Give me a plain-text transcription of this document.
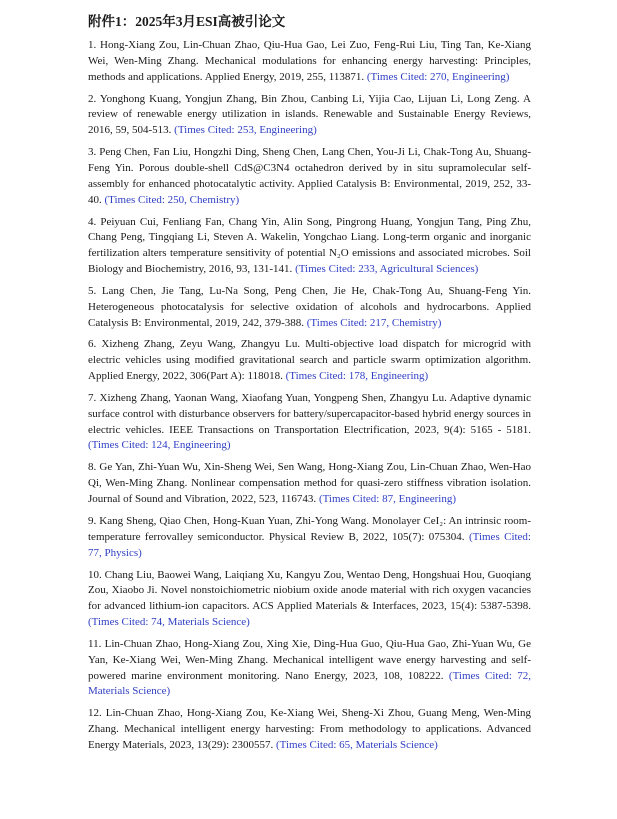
附件1：2025年3月ESI高被引论文

1. Hong-Xiang Zou, Lin-Chuan Zhao, Qiu-Hua Gao, Lei Zuo, Feng-Rui Liu, Ting Tan, Ke-Xiang Wei, Wen-Ming Zhang. Mechanical modulations for enhancing energy harvesting: Principles, methods and applications. Applied Energy, 2019, 255, 113871. (Times Cited: 270, Engineering)

2. Yonghong Kuang, Yongjun Zhang, Bin Zhou, Canbing Li, Yijia Cao, Lijuan Li, Long Zeng. A review of renewable energy utilization in islands. Renewable and Sustainable Energy Reviews, 2016, 59, 504-513. (Times Cited: 253, Engineering)

3. Peng Chen, Fan Liu, Hongzhi Ding, Sheng Chen, Lang Chen, You-Ji Li, Chak-Tong Au, Shuang-Feng Yin. Porous double-shell CdS@C3N4 octahedron derived by in situ supramolecular self-assembly for enhanced photocatalytic activity. Applied Catalysis B: Environmental, 2019, 252, 33-40. (Times Cited: 250, Chemistry)

4. Peiyuan Cui, Fenliang Fan, Chang Yin, Alin Song, Pingrong Huang, Yongjun Tang, Ping Zhu, Chang Peng, Tingqiang Li, Steven A. Wakelin, Yongchao Liang. Long-term organic and inorganic fertilization alters temperature sensitivity of potential N₂O emissions and associated microbes. Soil Biology and Biochemistry, 2016, 93, 131-141. (Times Cited: 233, Agricultural Sciences)

5. Lang Chen, Jie Tang, Lu-Na Song, Peng Chen, Jie He, Chak-Tong Au, Shuang-Feng Yin. Heterogeneous photocatalysis for selective oxidation of alcohols and hydrocarbons. Applied Catalysis B: Environmental, 2019, 242, 379-388. (Times Cited: 217, Chemistry)

6. Xizheng Zhang, Zeyu Wang, Zhangyu Lu. Multi-objective load dispatch for microgrid with electric vehicles using modified gravitational search and particle swarm optimization algorithm. Applied Energy, 2022, 306(Part A): 118018. (Times Cited: 178, Engineering)

7. Xizheng Zhang, Yaonan Wang, Xiaofang Yuan, Yongpeng Shen, Zhangyu Lu. Adaptive dynamic surface control with disturbance observers for battery/supercapacitor-based hybrid energy sources in electric vehicles. IEEE Transactions on Transportation Electrification, 2023, 9(4): 5165 - 5181. (Times Cited: 124, Engineering)

8. Ge Yan, Zhi-Yuan Wu, Xin-Sheng Wei, Sen Wang, Hong-Xiang Zou, Lin-Chuan Zhao, Wen-Hao Qi, Wen-Ming Zhang. Nonlinear compensation method for quasi-zero stiffness vibration isolation. Journal of Sound and Vibration, 2022, 523, 116743. (Times Cited: 87, Engineering)

9. Kang Sheng, Qiao Chen, Hong-Kuan Yuan, Zhi-Yong Wang. Monolayer CeI₂: An intrinsic room-temperature ferrovalley semiconductor. Physical Review B, 2022, 105(7): 075304. (Times Cited: 77, Physics)

10. Chang Liu, Baowei Wang, Laiqiang Xu, Kangyu Zou, Wentao Deng, Hongshuai Hou, Guoqiang Zou, Xiaobo Ji. Novel nonstoichiometric niobium oxide anode material with rich oxygen vacancies for advanced lithium-ion capacitors. ACS Applied Materials & Interfaces, 2023, 15(4): 5387-5398. (Times Cited: 74, Materials Science)

11. Lin-Chuan Zhao, Hong-Xiang Zou, Xing Xie, Ding-Hua Guo, Qiu-Hua Gao, Zhi-Yuan Wu, Ge Yan, Ke-Xiang Wei, Wen-Ming Zhang. Mechanical intelligent wave energy harvesting and self-powered marine environment monitoring. Nano Energy, 2023, 108, 108222. (Times Cited: 72, Materials Science)

12. Lin-Chuan Zhao, Hong-Xiang Zou, Ke-Xiang Wei, Sheng-Xi Zhou, Guang Meng, Wen-Ming Zhang. Mechanical intelligent energy harvesting: From methodology to applications. Advanced Energy Materials, 2023, 13(29): 2300557. (Times Cited: 65, Materials Science)
